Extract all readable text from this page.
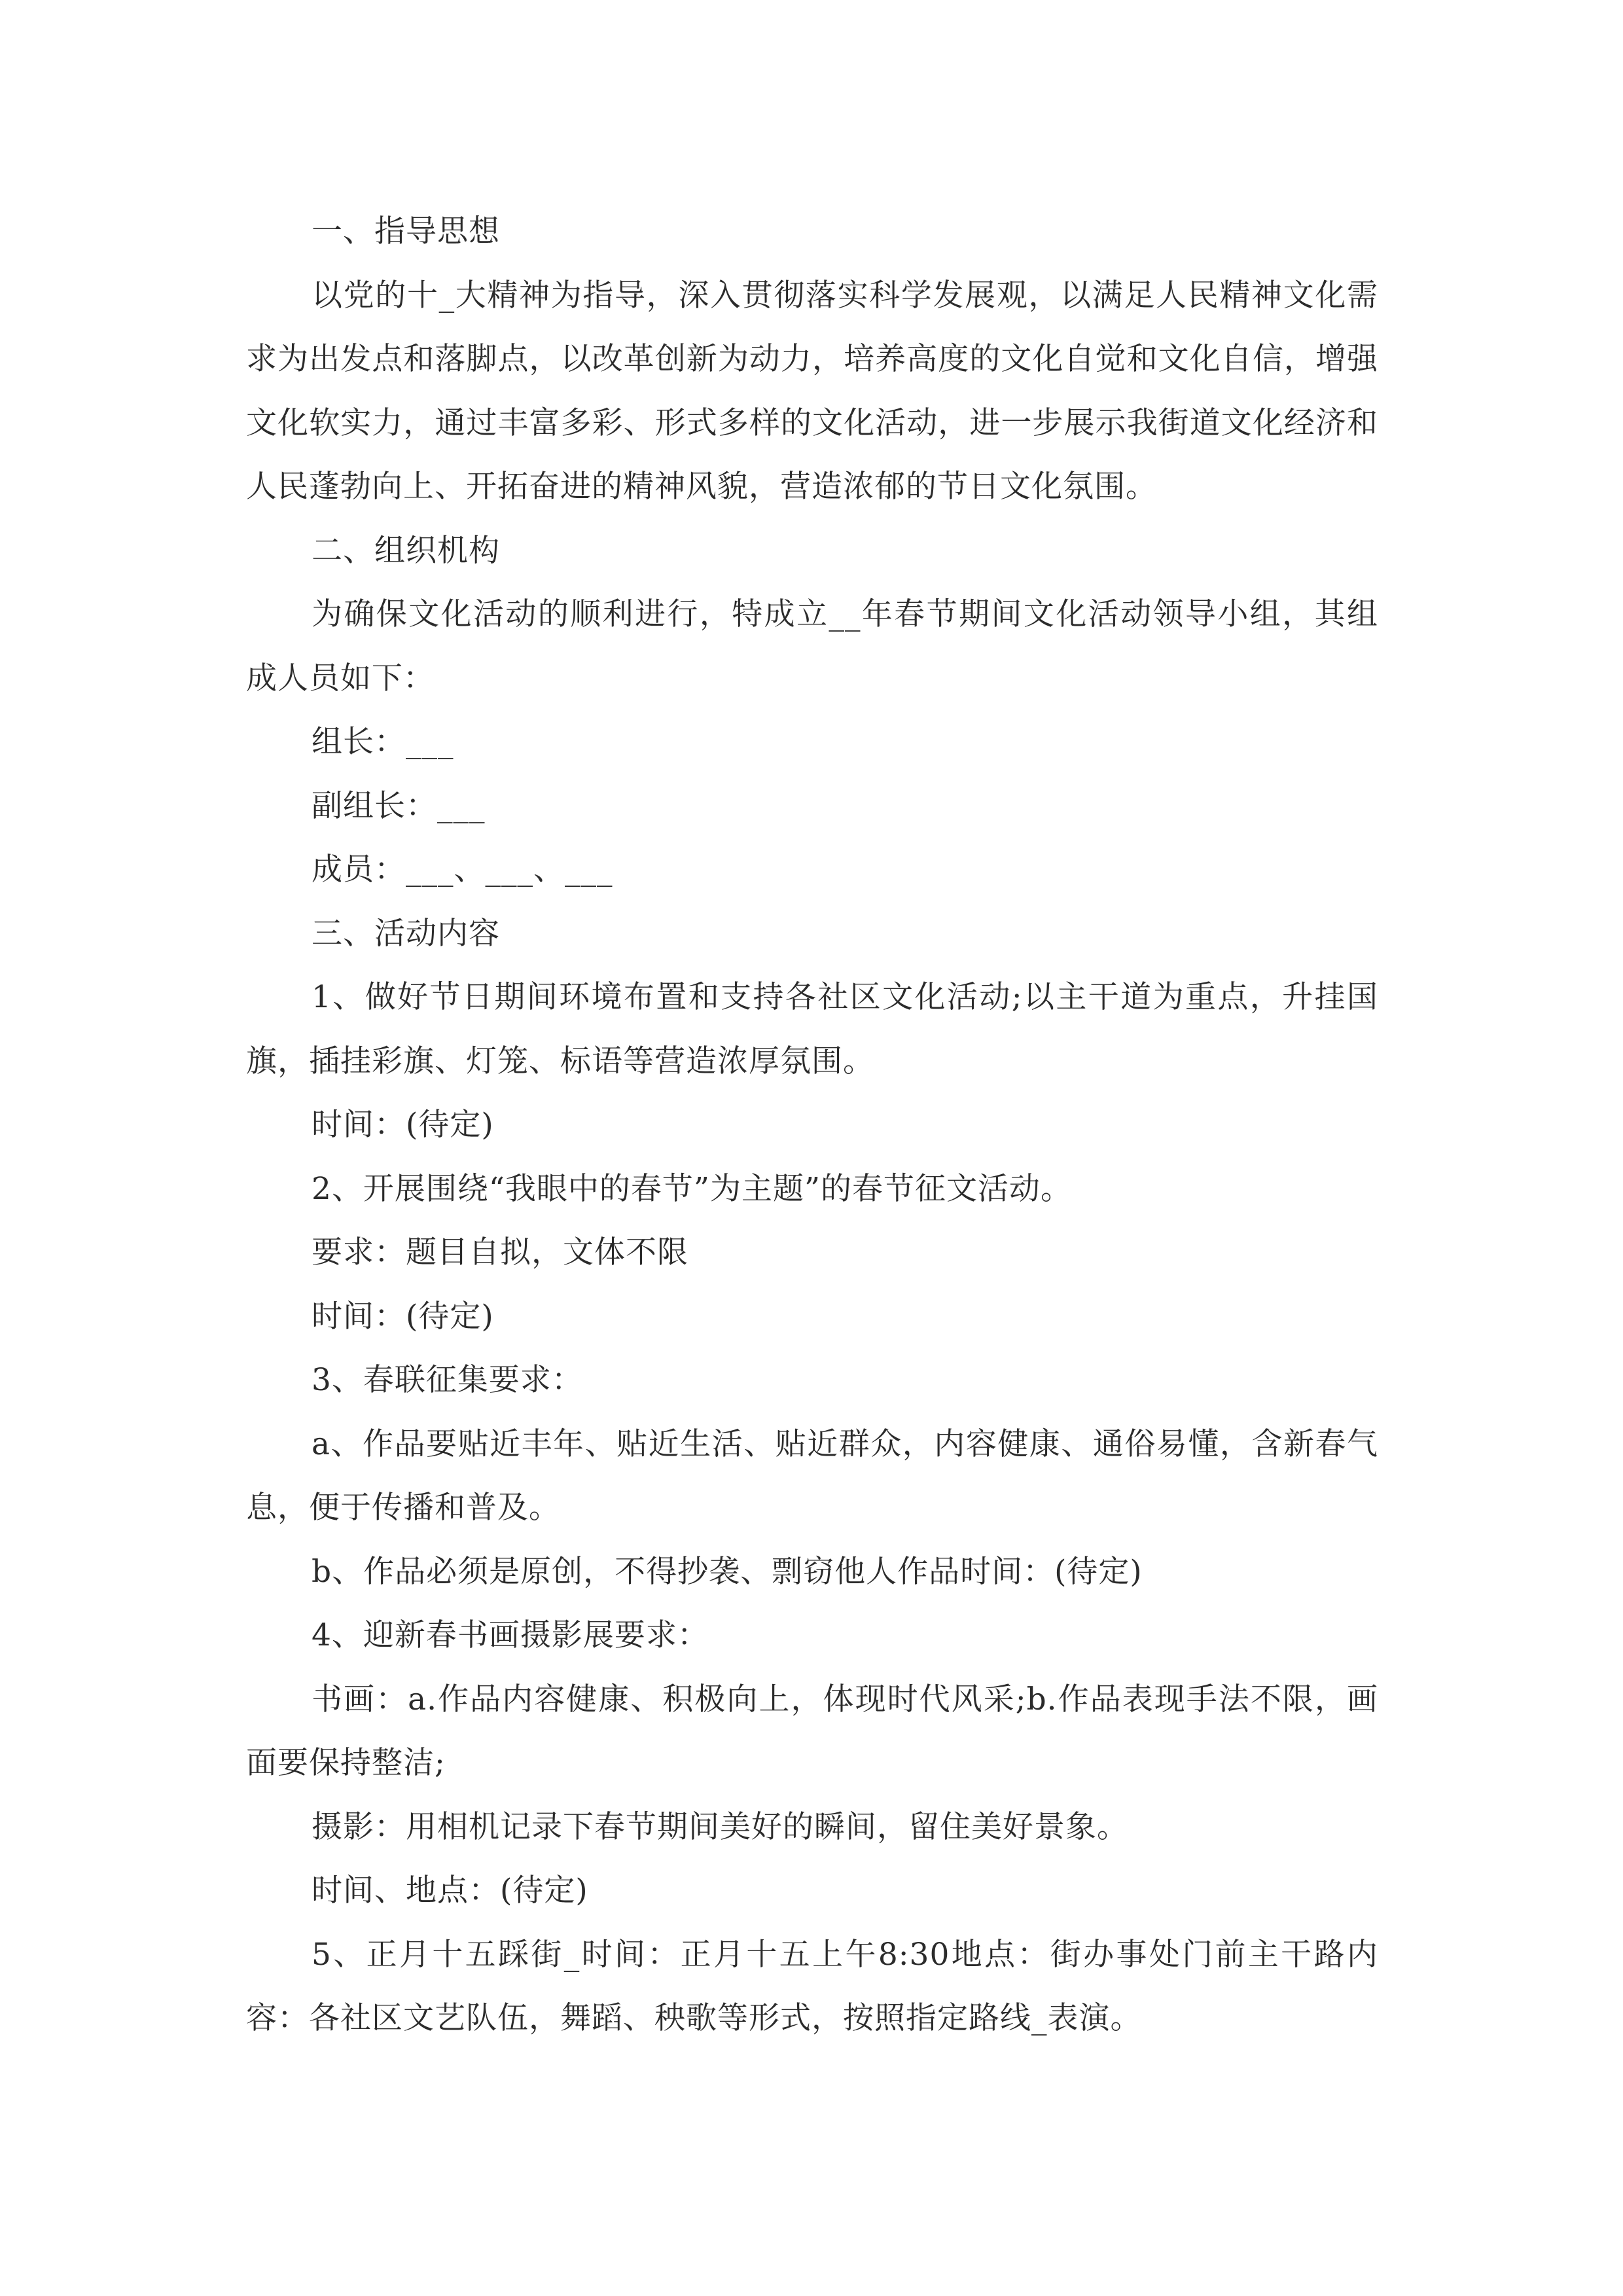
一、指导思想

以党的十_大精神为指导，深入贯彻落实科学发展观，以满足人民精神文化需求为出发点和落脚点，以改革创新为动力，培养高度的文化自觉和文化自信，增强文化软实力，通过丰富多彩、形式多样的文化活动，进一步展示我街道文化经济和人民蓬勃向上、开拓奋进的精神风貌，营造浓郁的节日文化氛围。

二、组织机构

为确保文化活动的顺利进行，特成立__年春节期间文化活动领导小组，其组成人员如下：

组长：___

副组长：___

成员：___、___、___

三、活动内容

1、做好节日期间环境布置和支持各社区文化活动;以主干道为重点，升挂国旗，插挂彩旗、灯笼、标语等营造浓厚氛围。

时间：(待定)

2、开展围绕“我眼中的春节”为主题”的春节征文活动。

要求：题目自拟，文体不限

时间：(待定)

3、春联征集要求：

a、作品要贴近丰年、贴近生活、贴近群众，内容健康、通俗易懂，含新春气息，便于传播和普及。

b、作品必须是原创，不得抄袭、剽窃他人作品时间：(待定)

4、迎新春书画摄影展要求：

书画：a.作品内容健康、积极向上，体现时代风采;b.作品表现手法不限，画面要保持整洁;

摄影：用相机记录下春节期间美好的瞬间，留住美好景象。

时间、地点：(待定)

5、正月十五踩街_时间：正月十五上午8:30地点：街办事处门前主干路内容：各社区文艺队伍，舞蹈、秧歌等形式，按照指定路线_表演。
